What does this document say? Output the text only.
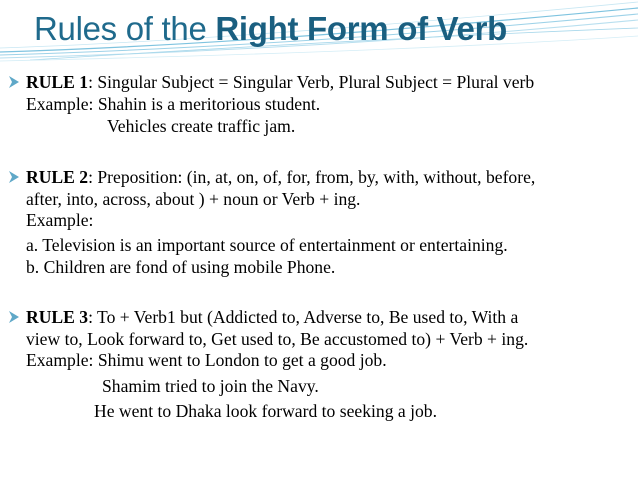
Rules of the Right Form of Verb
RULE 1: Singular Subject = Singular Verb, Plural Subject = Plural verb
Example: Shahin is a meritorious student.
Vehicles create traffic jam.
RULE 2: Preposition: (in, at, on, of, for, from, by, with, without, before,
after, into, across, about ) + noun or Verb + ing.
Example:
a. Television is an important source of entertainment or entertaining.
b. Children are fond of using mobile Phone.
RULE 3: To + Verb1 but (Addicted to, Adverse to, Be used to, With a
view to, Look forward to, Get used to, Be accustomed to) + Verb + ing.
Example: Shimu went to London to get a good job.
Shamim tried to join the Navy.
He went to Dhaka look forward to seeking a job.
